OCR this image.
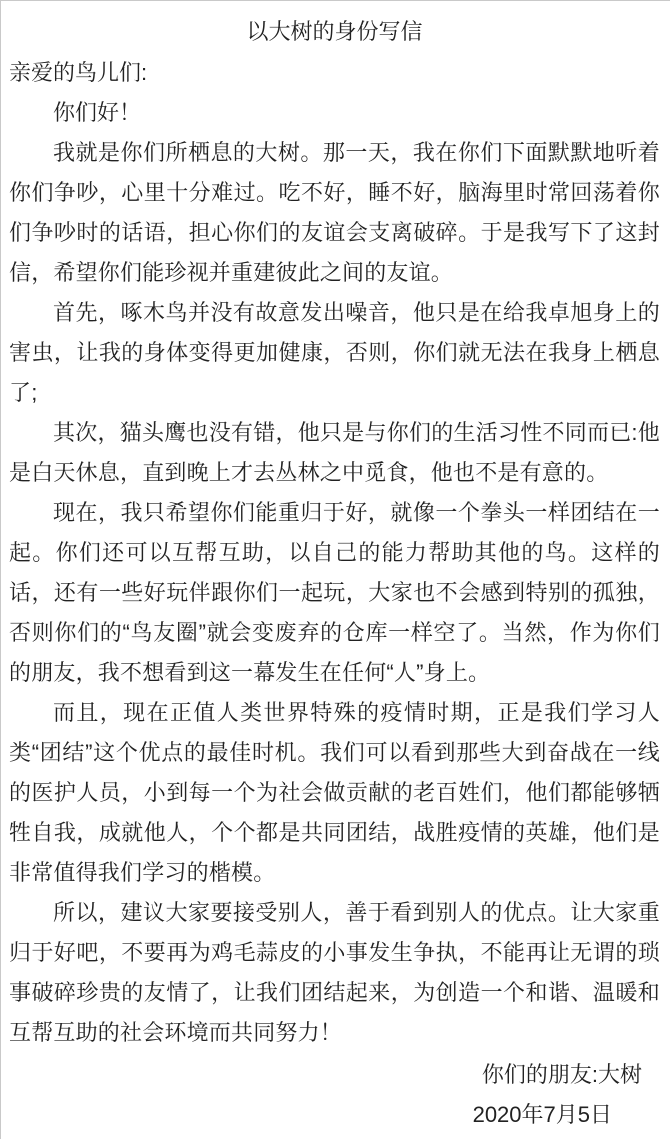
以大树的身份写信

亲爱的鸟儿们:

你们好！

我就是你们所栖息的大树。那一天，我在你们下面默默地听着你们争吵，心里十分难过。吃不好，睡不好，脑海里时常回荡着你们争吵时的话语，担心你们的友谊会支离破碎。于是我写下了这封信，希望你们能珍视并重建彼此之间的友谊。

首先，啄木鸟并没有故意发出噪音，他只是在给我卓旭身上的害虫，让我的身体变得更加健康，否则，你们就无法在我身上栖息了;

其次，猫头鹰也没有错，他只是与你们的生活习性不同而已:他是白天休息，直到晚上才去丛林之中觅食，他也不是有意的。

现在，我只希望你们能重归于好，就像一个拳头一样团结在一起。你们还可以互帮互助，以自己的能力帮助其他的鸟。这样的话，还有一些好玩伴跟你们一起玩，大家也不会感到特别的孤独，否则你们的“鸟友圈”就会变废弃的仓库一样空了。当然，作为你们的朋友，我不想看到这一幕发生在任何“人”身上。

而且，现在正值人类世界特殊的疫情时期，正是我们学习人类“团结”这个优点的最佳时机。我们可以看到那些大到奋战在一线的医护人员，小到每一个为社会做贡献的老百姓们，他们都能够牺牲自我，成就他人，个个都是共同团结，战胜疫情的英雄，他们是非常值得我们学习的楷模。

所以，建议大家要接受别人，善于看到别人的优点。让大家重归于好吧，不要再为鸡毛蒜皮的小事发生争执，不能再让无谓的琐事破碎珍贵的友情了，让我们团结起来，为创造一个和谐、温暖和互帮互助的社会环境而共同努力！

你们的朋友:大树

2020年7月5日
